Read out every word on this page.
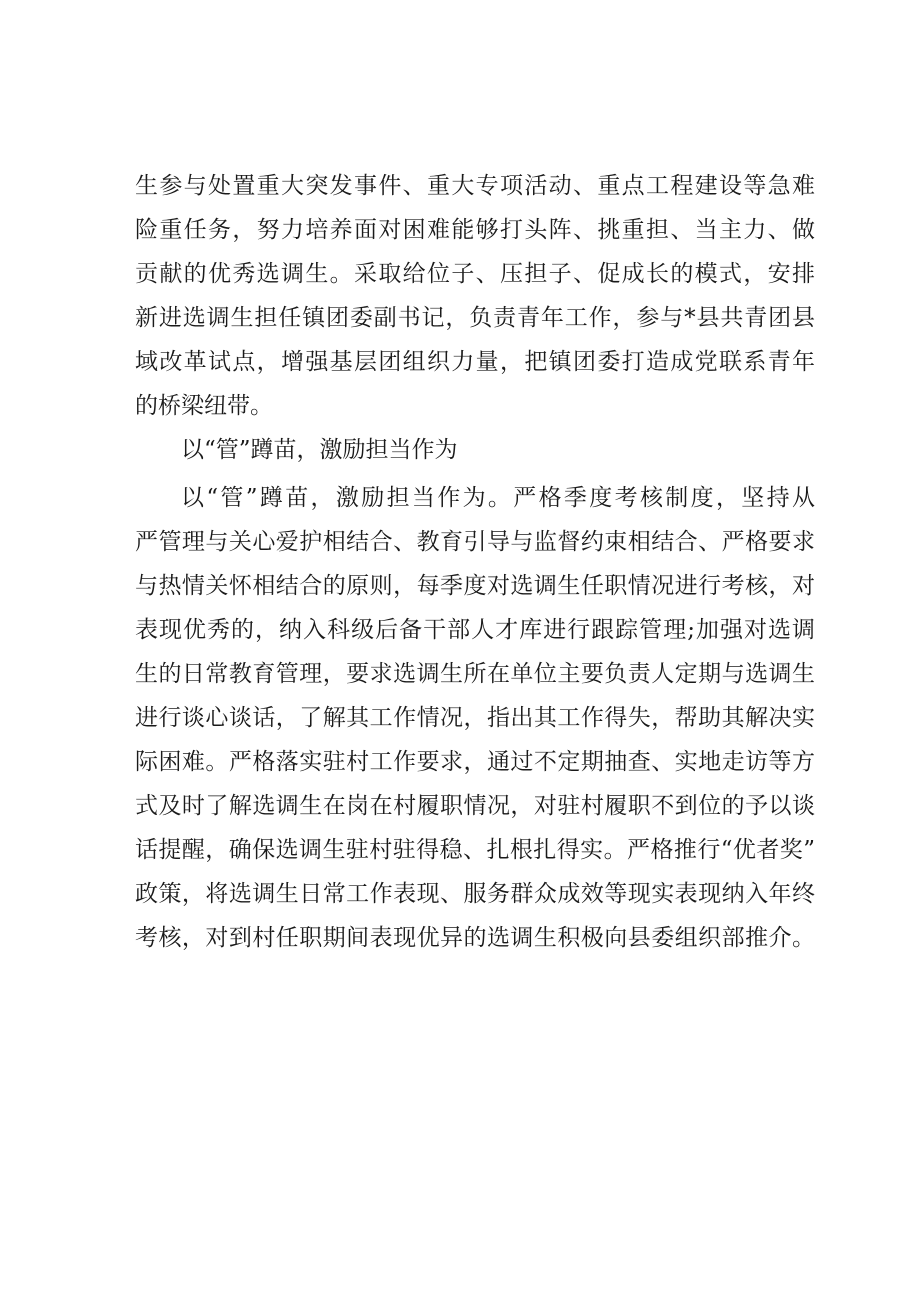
生参与处置重大突发事件、重大专项活动、重点工程建设等急难
险重任务，努力培养面对困难能够打头阵、挑重担、当主力、做
贡献的优秀选调生。采取给位子、压担子、促成长的模式，安排
新进选调生担任镇团委副书记，负责青年工作，参与*县共青团县
域改革试点，增强基层团组织力量，把镇团委打造成党联系青年
的桥梁纽带。
以“管”蹲苗，激励担当作为
以“管”蹲苗，激励担当作为。严格季度考核制度，坚持从
严管理与关心爱护相结合、教育引导与监督约束相结合、严格要求
与热情关怀相结合的原则，每季度对选调生任职情况进行考核，对
表现优秀的，纳入科级后备干部人才库进行跟踪管理;加强对选调
生的日常教育管理，要求选调生所在单位主要负责人定期与选调生
进行谈心谈话，了解其工作情况，指出其工作得失，帮助其解决实
际困难。严格落实驻村工作要求，通过不定期抽查、实地走访等方
式及时了解选调生在岗在村履职情况，对驻村履职不到位的予以谈
话提醒，确保选调生驻村驻得稳、扎根扎得实。严格推行“优者奖”
政策，将选调生日常工作表现、服务群众成效等现实表现纳入年终
考核，对到村任职期间表现优异的选调生积极向县委组织部推介。
